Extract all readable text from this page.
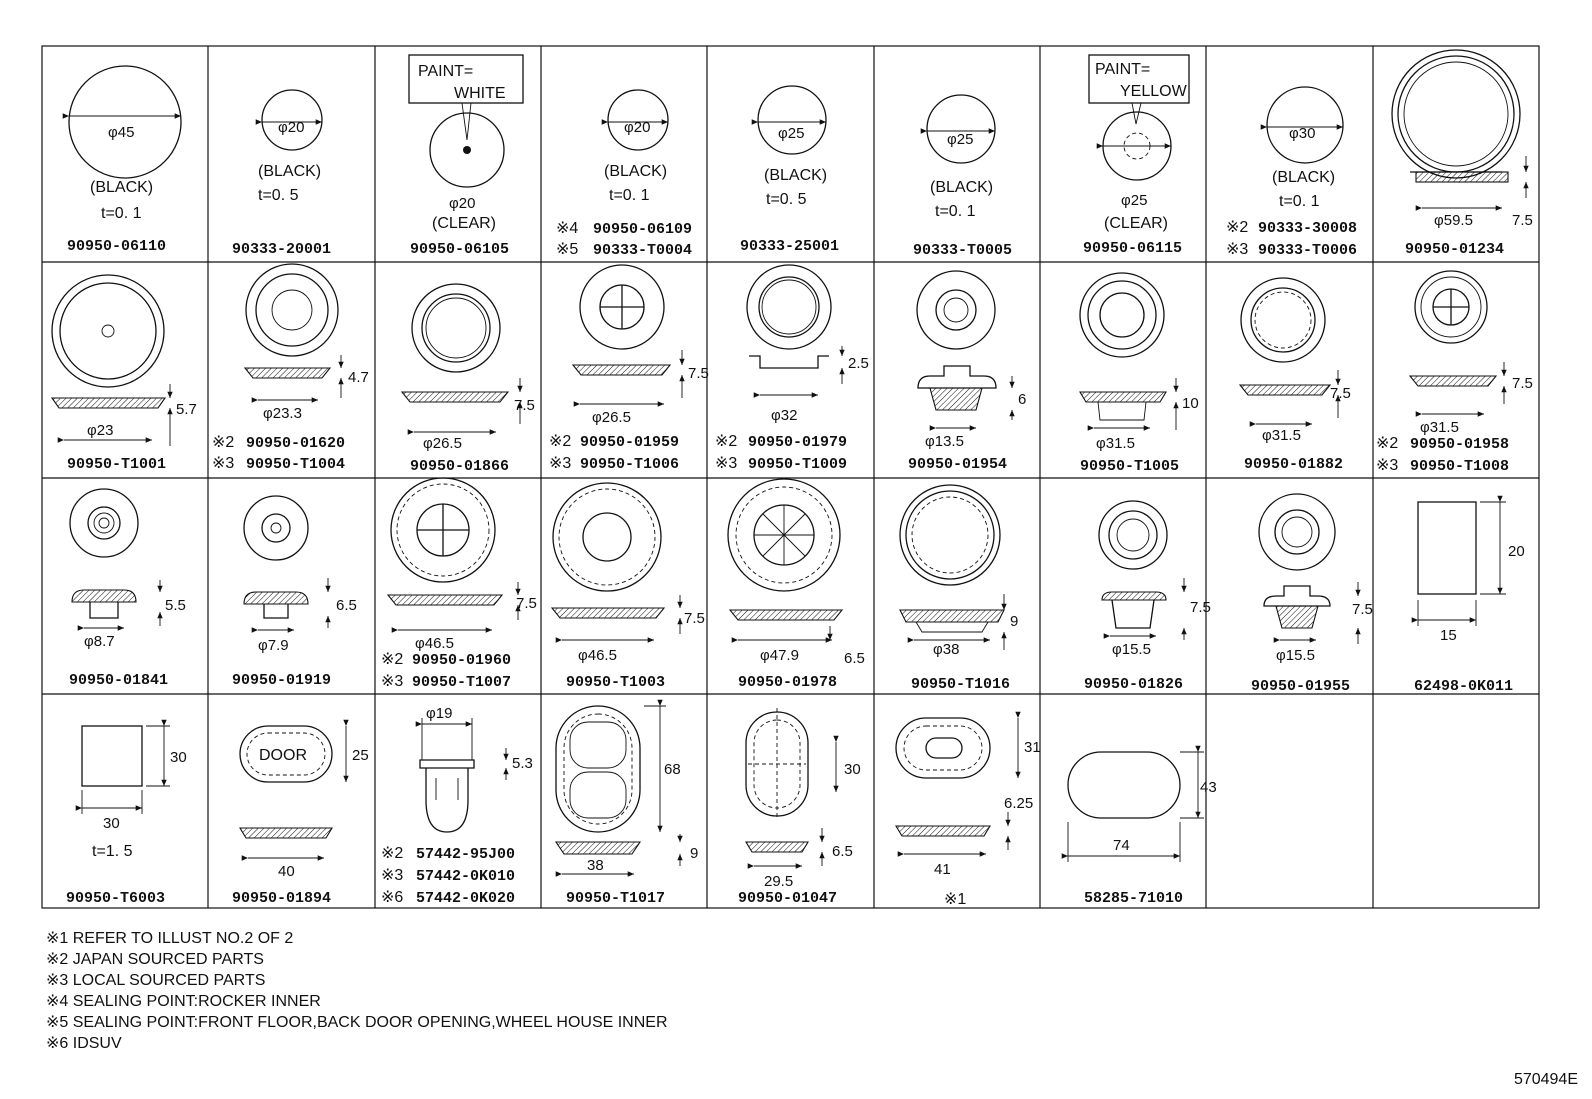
φ45
(BLACK)
t=0. 1
90950-06110
φ20
(BLACK)
t=0. 5
90333-20001
PAINT=
WHITE
φ20
(CLEAR)
90950-06105
φ20
(BLACK)
t=0. 1
※4 90950-06109
※5 90333-T0004
φ25
(BLACK)
t=0. 5
90333-25001
φ25
(BLACK)
t=0. 1
90333-T0005
PAINT=
YELLOW
φ25
(CLEAR)
90950-06115
φ30
(BLACK)
t=0. 1
※2 90333-30008
※3 90333-T0006
φ59.5	7.5
90950-01234
φ23
5.7
90950-T1001
φ23.3
4.7
※2 90950-01620
※3 90950-T1004
φ26.5
7.5
90950-01866
φ26.5
7.5
※2 90950-01959
※3 90950-T1006
φ32
2.5
※2 90950-01979
※3 90950-T1009
φ13.5
6
90950-01954
φ31.5
10
90950-T1005
φ31.5
7.5
90950-01882
φ31.5
7.5
※2 90950-01958
※3 90950-T1008
φ8.7
5.5
90950-01841
φ7.9
6.5
90950-01919
φ46.5
7.5
※2 90950-01960
※3 90950-T1007
φ46.5
7.5
90950-T1003
φ47.9	6.5
90950-01978
φ38
9
90950-T1016
φ15.5
7.5
90950-01826
φ15.5
7.5
90950-01955
15
20
62498-0K011
30
30
t=1. 5
90950-T6003
DOOR	25
40
90950-01894
φ19
5.3
※2 57442-95J00
※3 57442-0K010
※6 57442-0K020
68
38
9
90950-T1017
30
29.5
6.5
90950-01047
31
6.25
41
※1
43
74
58285-71010
※1 REFER TO ILLUST NO.2 OF 2
※2 JAPAN SOURCED PARTS
※3 LOCAL SOURCED PARTS
※4 SEALING POINT:ROCKER INNER
※5 SEALING POINT:FRONT FLOOR,BACK DOOR OPENING,WHEEL HOUSE INNER
※6 IDSUV
570494E
